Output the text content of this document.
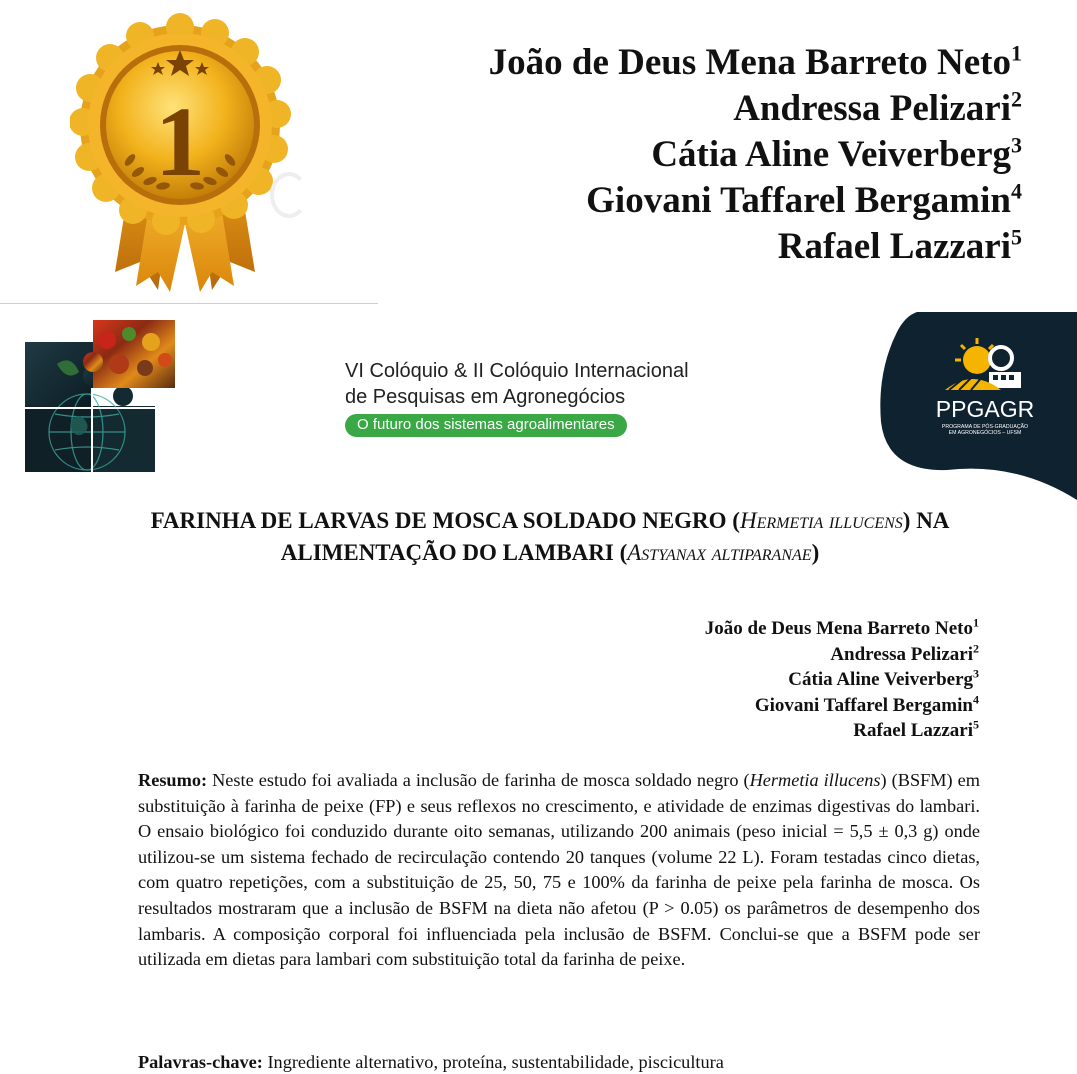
1
João de Deus Mena Barreto Neto$^1$
Andressa Pelizari$^2$
Cátia Aline Veiverberg$^3$
Giovani Taffarel Bergamin$^4$
Rafael Lazzari$^5$
VI Colóquio & II Colóquio Internacional
de Pesquisas em Agronegócios
O futuro dos sistemas agroalimentares
PPGAGR
PROGRAMA DE PÓS-GRADUAÇÃO
EM AGRONEGÓCIOS – UFSM
FARINHA DE LARVAS DE MOSCA SOLDADO NEGRO (Hermetia illucens) NA ALIMENTAÇÃO DO LAMBARI (Astyanax altiparanae)
João de Deus Mena Barreto Neto$^1$
Andressa Pelizari$^2$
Cátia Aline Veiverberg$^3$
Giovani Taffarel Bergamin$^4$
Rafael Lazzari$^5$
Resumo: Neste estudo foi avaliada a inclusão de farinha de mosca soldado negro (Hermetia illucens) (BSFM) em substituição à farinha de peixe (FP) e seus reflexos no crescimento, e atividade de enzimas digestivas do lambari. O ensaio biológico foi conduzido durante oito semanas, utilizando 200 animais (peso inicial = 5,5 ± 0,3 g) onde utilizou-se um sistema fechado de recirculação contendo 20 tanques (volume 22 L). Foram testadas cinco dietas, com quatro repetições, com a substituição de 25, 50, 75 e 100% da farinha de peixe pela farinha de mosca. Os resultados mostraram que a inclusão de BSFM na dieta não afetou (P > 0.05) os parâmetros de desempenho dos lambaris. A composição corporal foi influenciada pela inclusão de BSFM. Conclui-se que a BSFM pode ser utilizada em dietas para lambari com substituição total da farinha de peixe.
Palavras-chave: Ingrediente alternativo, proteína, sustentabilidade, piscicultura
